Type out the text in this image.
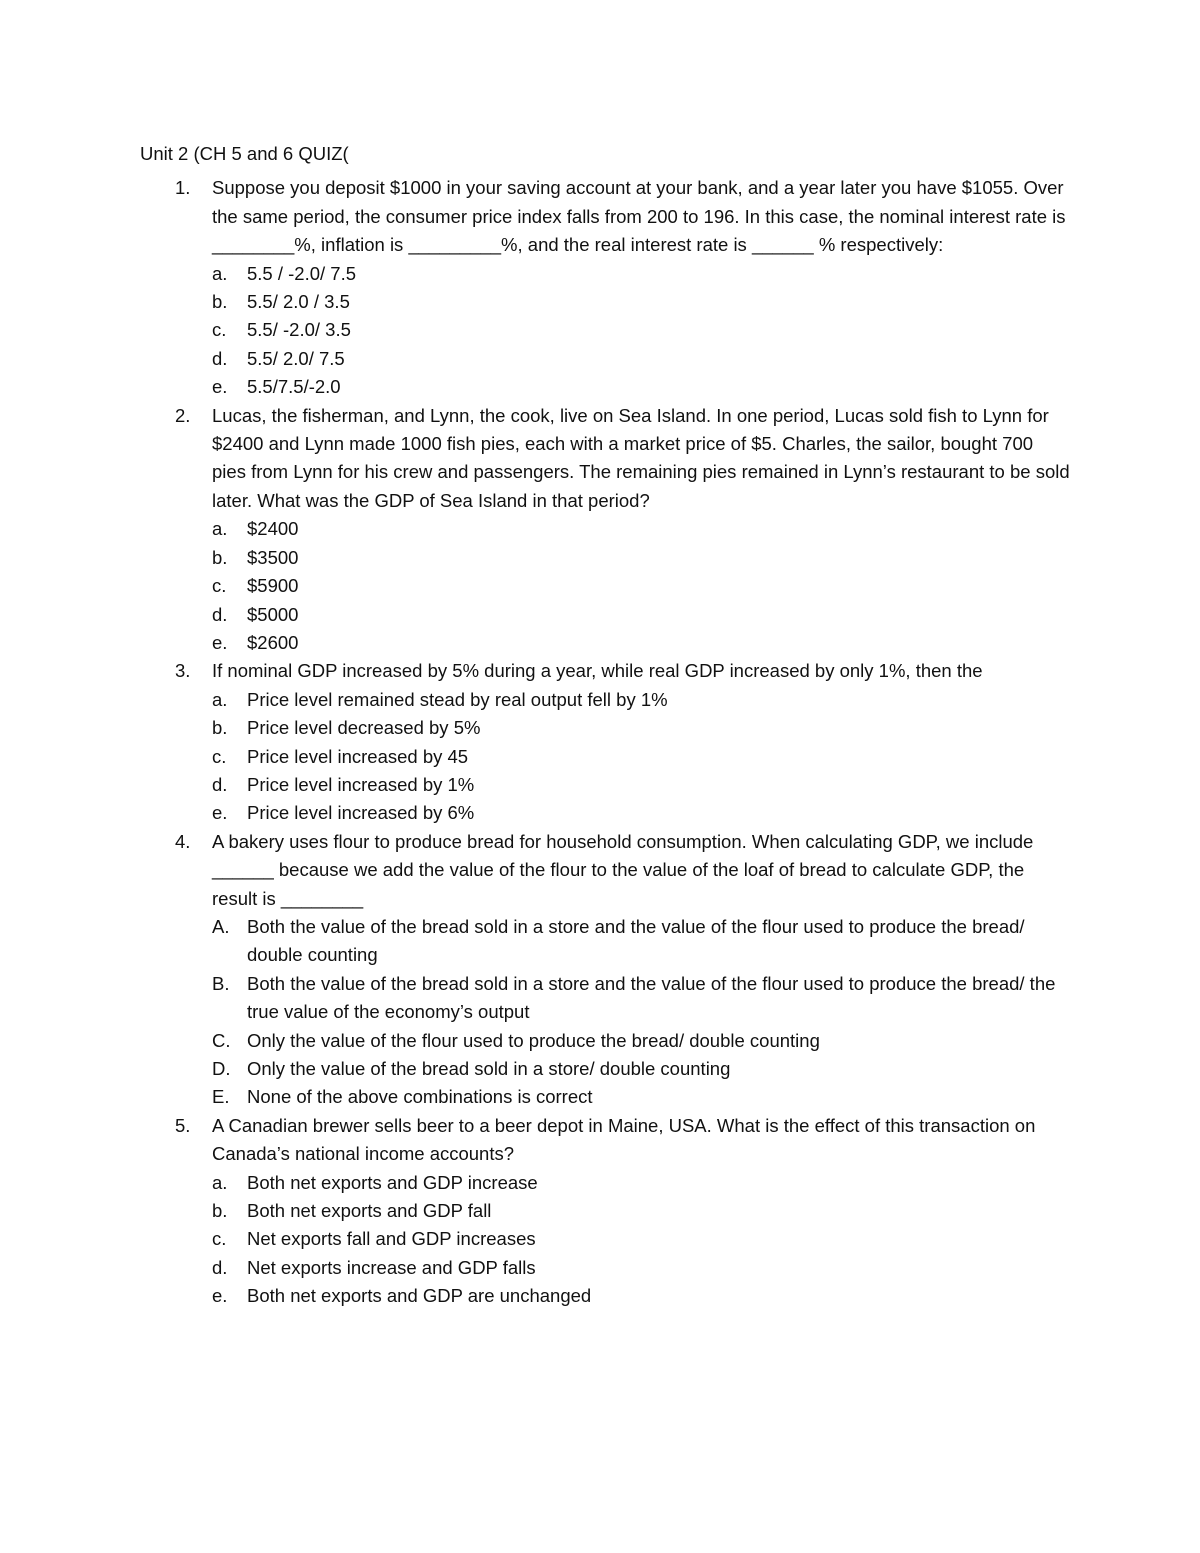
Unit 2 (CH 5 and 6 QUIZ(
1. Suppose you deposit $1000 in your saving account at your bank, and a year later you have $1055. Over the same period, the consumer price index falls from 200 to 196. In this case, the nominal interest rate is ________%, inflation is _________%, and the real interest rate is ______ % respectively:
a. 5.5 / -2.0/ 7.5
b. 5.5/ 2.0 / 3.5
c. 5.5/ -2.0/ 3.5
d. 5.5/ 2.0/ 7.5
e. 5.5/7.5/-2.0
2. Lucas, the fisherman, and Lynn, the cook, live on Sea Island. In one period, Lucas sold fish to Lynn for $2400 and Lynn made 1000 fish pies, each with a market price of $5. Charles, the sailor, bought 700 pies from Lynn for his crew and passengers. The remaining pies remained in Lynn’s restaurant to be sold later. What was the GDP of Sea Island in that period?
a. $2400
b. $3500
c. $5900
d. $5000
e. $2600
3. If nominal GDP increased by 5% during a year, while real GDP increased by only 1%, then the
a. Price level remained stead by real output fell by 1%
b. Price level decreased by 5%
c. Price level increased by 45
d. Price level increased by 1%
e. Price level increased by 6%
4. A bakery uses flour to produce bread for household consumption. When calculating GDP, we include ______ because we add the value of the flour to the value of the loaf of bread to calculate GDP, the result is ________
A. Both the value of the bread sold in a store and the value of the flour used to produce the bread/ double counting
B. Both the value of the bread sold in a store and the value of the flour used to produce the bread/ the true value of the economy’s output
C. Only the value of the flour used to produce the bread/ double counting
D. Only the value of the bread sold in a store/ double counting
E. None of the above combinations is correct
5. A Canadian brewer sells beer to a beer depot in Maine, USA. What is the effect of this transaction on Canada’s national income accounts?
a. Both net exports and GDP increase
b. Both net exports and GDP fall
c. Net exports fall and GDP increases
d. Net exports increase and GDP falls
e. Both net exports and GDP are unchanged
